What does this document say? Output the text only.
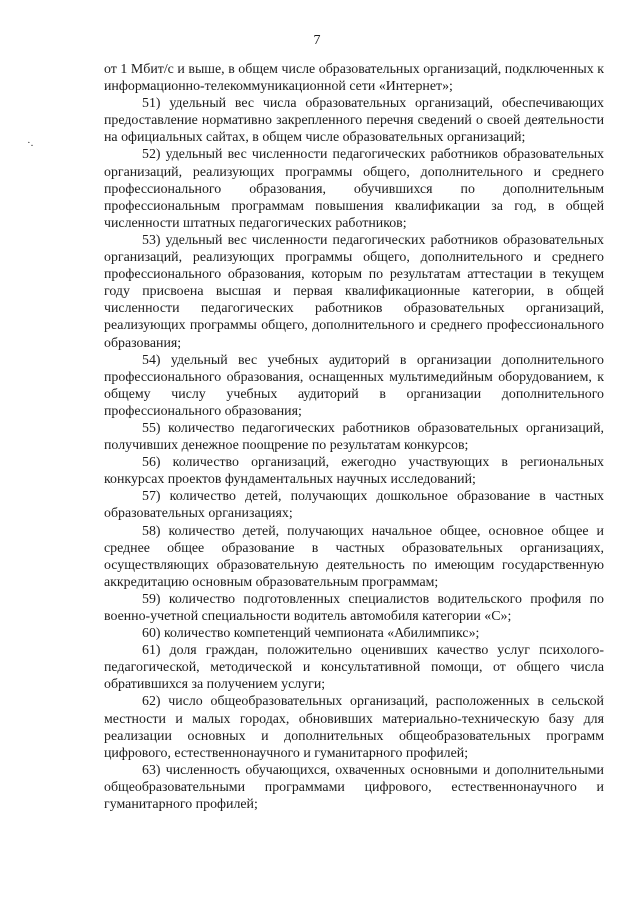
7
·.

от 1 Мбит/с и выше, в общем числе образовательных организаций, подключенных к информационно-телекоммуникационной сети «Интернет»;

51) удельный вес числа образовательных организаций, обеспечивающих предоставление нормативно закрепленного перечня сведений о своей деятельности на официальных сайтах, в общем числе образовательных организаций;

52) удельный вес численности педагогических работников образовательных организаций, реализующих программы общего, дополнительного и среднего профессионального образования, обучившихся по дополнительным профессиональным программам повышения квалификации за год, в общей численности штатных педагогических работников;

53) удельный вес численности педагогических работников образовательных организаций, реализующих программы общего, дополнительного и среднего профессионального образования, которым по результатам аттестации в текущем году присвоена высшая и первая квалификационные категории, в общей численности педагогических работников образовательных организаций, реализующих программы общего, дополнительного и среднего профессионального образования;

54) удельный вес учебных аудиторий в организации дополнительного профессионального образования, оснащенных мультимедийным оборудованием, к общему числу учебных аудиторий в организации дополнительного профессионального образования;

55) количество педагогических работников образовательных организаций, получивших денежное поощрение по результатам конкурсов;

56) количество организаций, ежегодно участвующих в региональных конкурсах проектов фундаментальных научных исследований;

57) количество детей, получающих дошкольное образование в частных образовательных организациях;

58) количество детей, получающих начальное общее, основное общее и среднее общее образование в частных образовательных организациях, осуществляющих образовательную деятельность по имеющим государственную аккредитацию основным образовательным программам;

59) количество подготовленных специалистов водительского профиля по военно-учетной специальности водитель автомобиля категории «С»;

60) количество компетенций чемпионата «Абилимпикс»;

61) доля граждан, положительно оценивших качество услуг психолого-педагогической, методической и консультативной помощи, от общего числа обратившихся за получением услуги;

62) число общеобразовательных организаций, расположенных в сельской местности и малых городах, обновивших материально-техническую базу для реализации основных и дополнительных общеобразовательных программ цифрового, естественнонаучного и гуманитарного профилей;

63) численность обучающихся, охваченных основными и дополнительными общеобразовательными программами цифрового, естественнонаучного и гуманитарного профилей;
